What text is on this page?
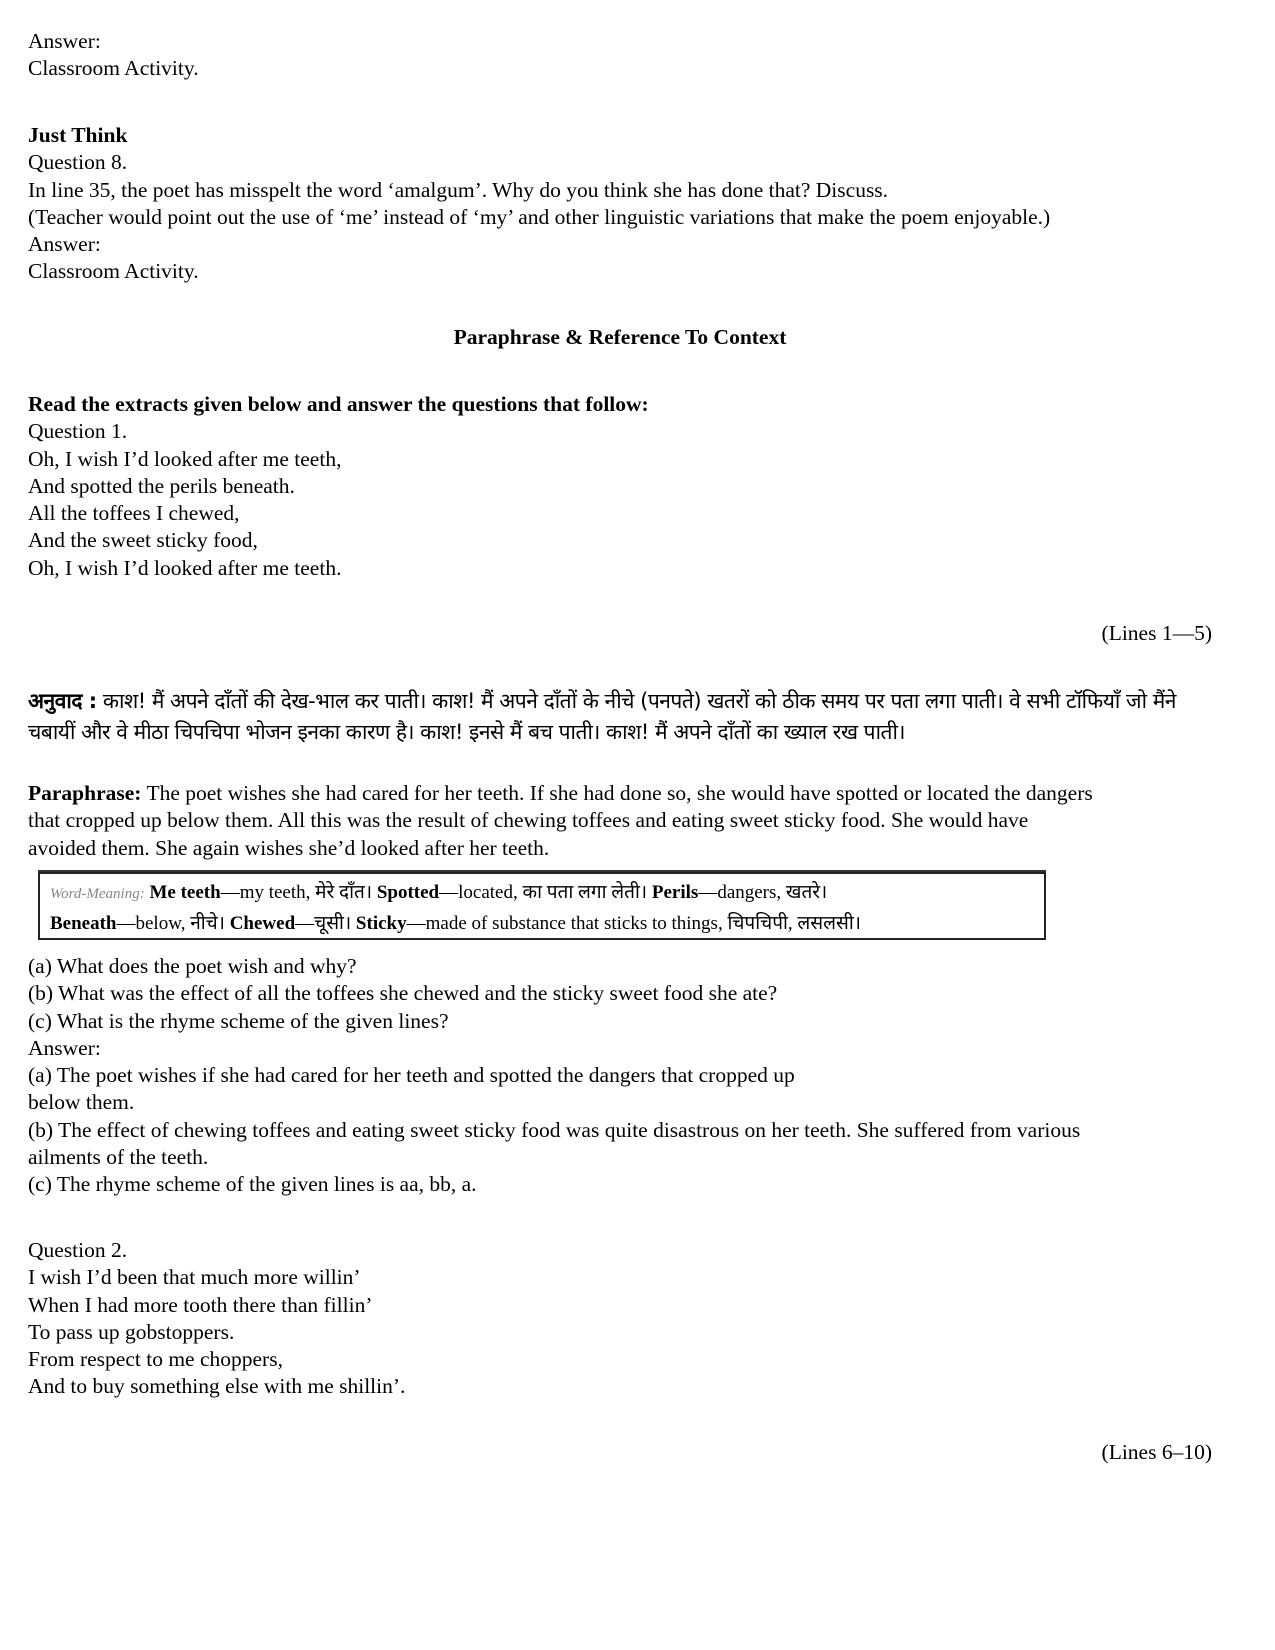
Answer:
Classroom Activity.
Just Think
Question 8.
In line 35, the poet has misspelt the word ‘amalgum’. Why do you think she has done that? Discuss.
(Teacher would point out the use of ‘me’ instead of ‘my’ and other linguistic variations that make the poem enjoyable.)
Answer:
Classroom Activity.
Paraphrase & Reference To Context
Read the extracts given below and answer the questions that follow:
Question 1.
Oh, I wish I’d looked after me teeth,
And spotted the perils beneath.
All the toffees I chewed,
And the sweet sticky food,
Oh, I wish I’d looked after me teeth.
(Lines 1—5)
अनुवाद : काश! मैं अपने दाँतों की देख-भाल कर पाती। काश! मैं अपने दाँतों के नीचे (पनपते) खतरों को ठीक समय पर पता लगा पाती। वे सभी टॉफियाँ जो मैंने चबायीं और वे मीठा चिपचिपा भोजन इनका कारण है। काश! इनसे मैं बच पाती। काश! मैं अपने दाँतों का ख्याल रख पाती।
Paraphrase: The poet wishes she had cared for her teeth. If she had done so, she would have spotted or located the dangers
that cropped up below them. All this was the result of chewing toffees and eating sweet sticky food. She would have
avoided them. She again wishes she’d looked after her teeth.
Word-Meaning: Me teeth—my teeth, मेरे दाँत। Spotted—located, का पता लगा लेती। Perils—dangers, खतरे।
Beneath—below, नीचे। Chewed—चूसी। Sticky—made of substance that sticks to things, चिपचिपी, लसलसी।
(a) What does the poet wish and why?
(b) What was the effect of all the toffees she chewed and the sticky sweet food she ate?
(c) What is the rhyme scheme of the given lines?
Answer:
(a) The poet wishes if she had cared for her teeth and spotted the dangers that cropped up
below them.
(b) The effect of chewing toffees and eating sweet sticky food was quite disastrous on her teeth. She suffered from various
ailments of the teeth.
(c) The rhyme scheme of the given lines is aa, bb, a.
Question 2.
I wish I’d been that much more willin’
When I had more tooth there than fillin’
To pass up gobstoppers.
From respect to me choppers,
And to buy something else with me shillin’.
(Lines 6–10)
